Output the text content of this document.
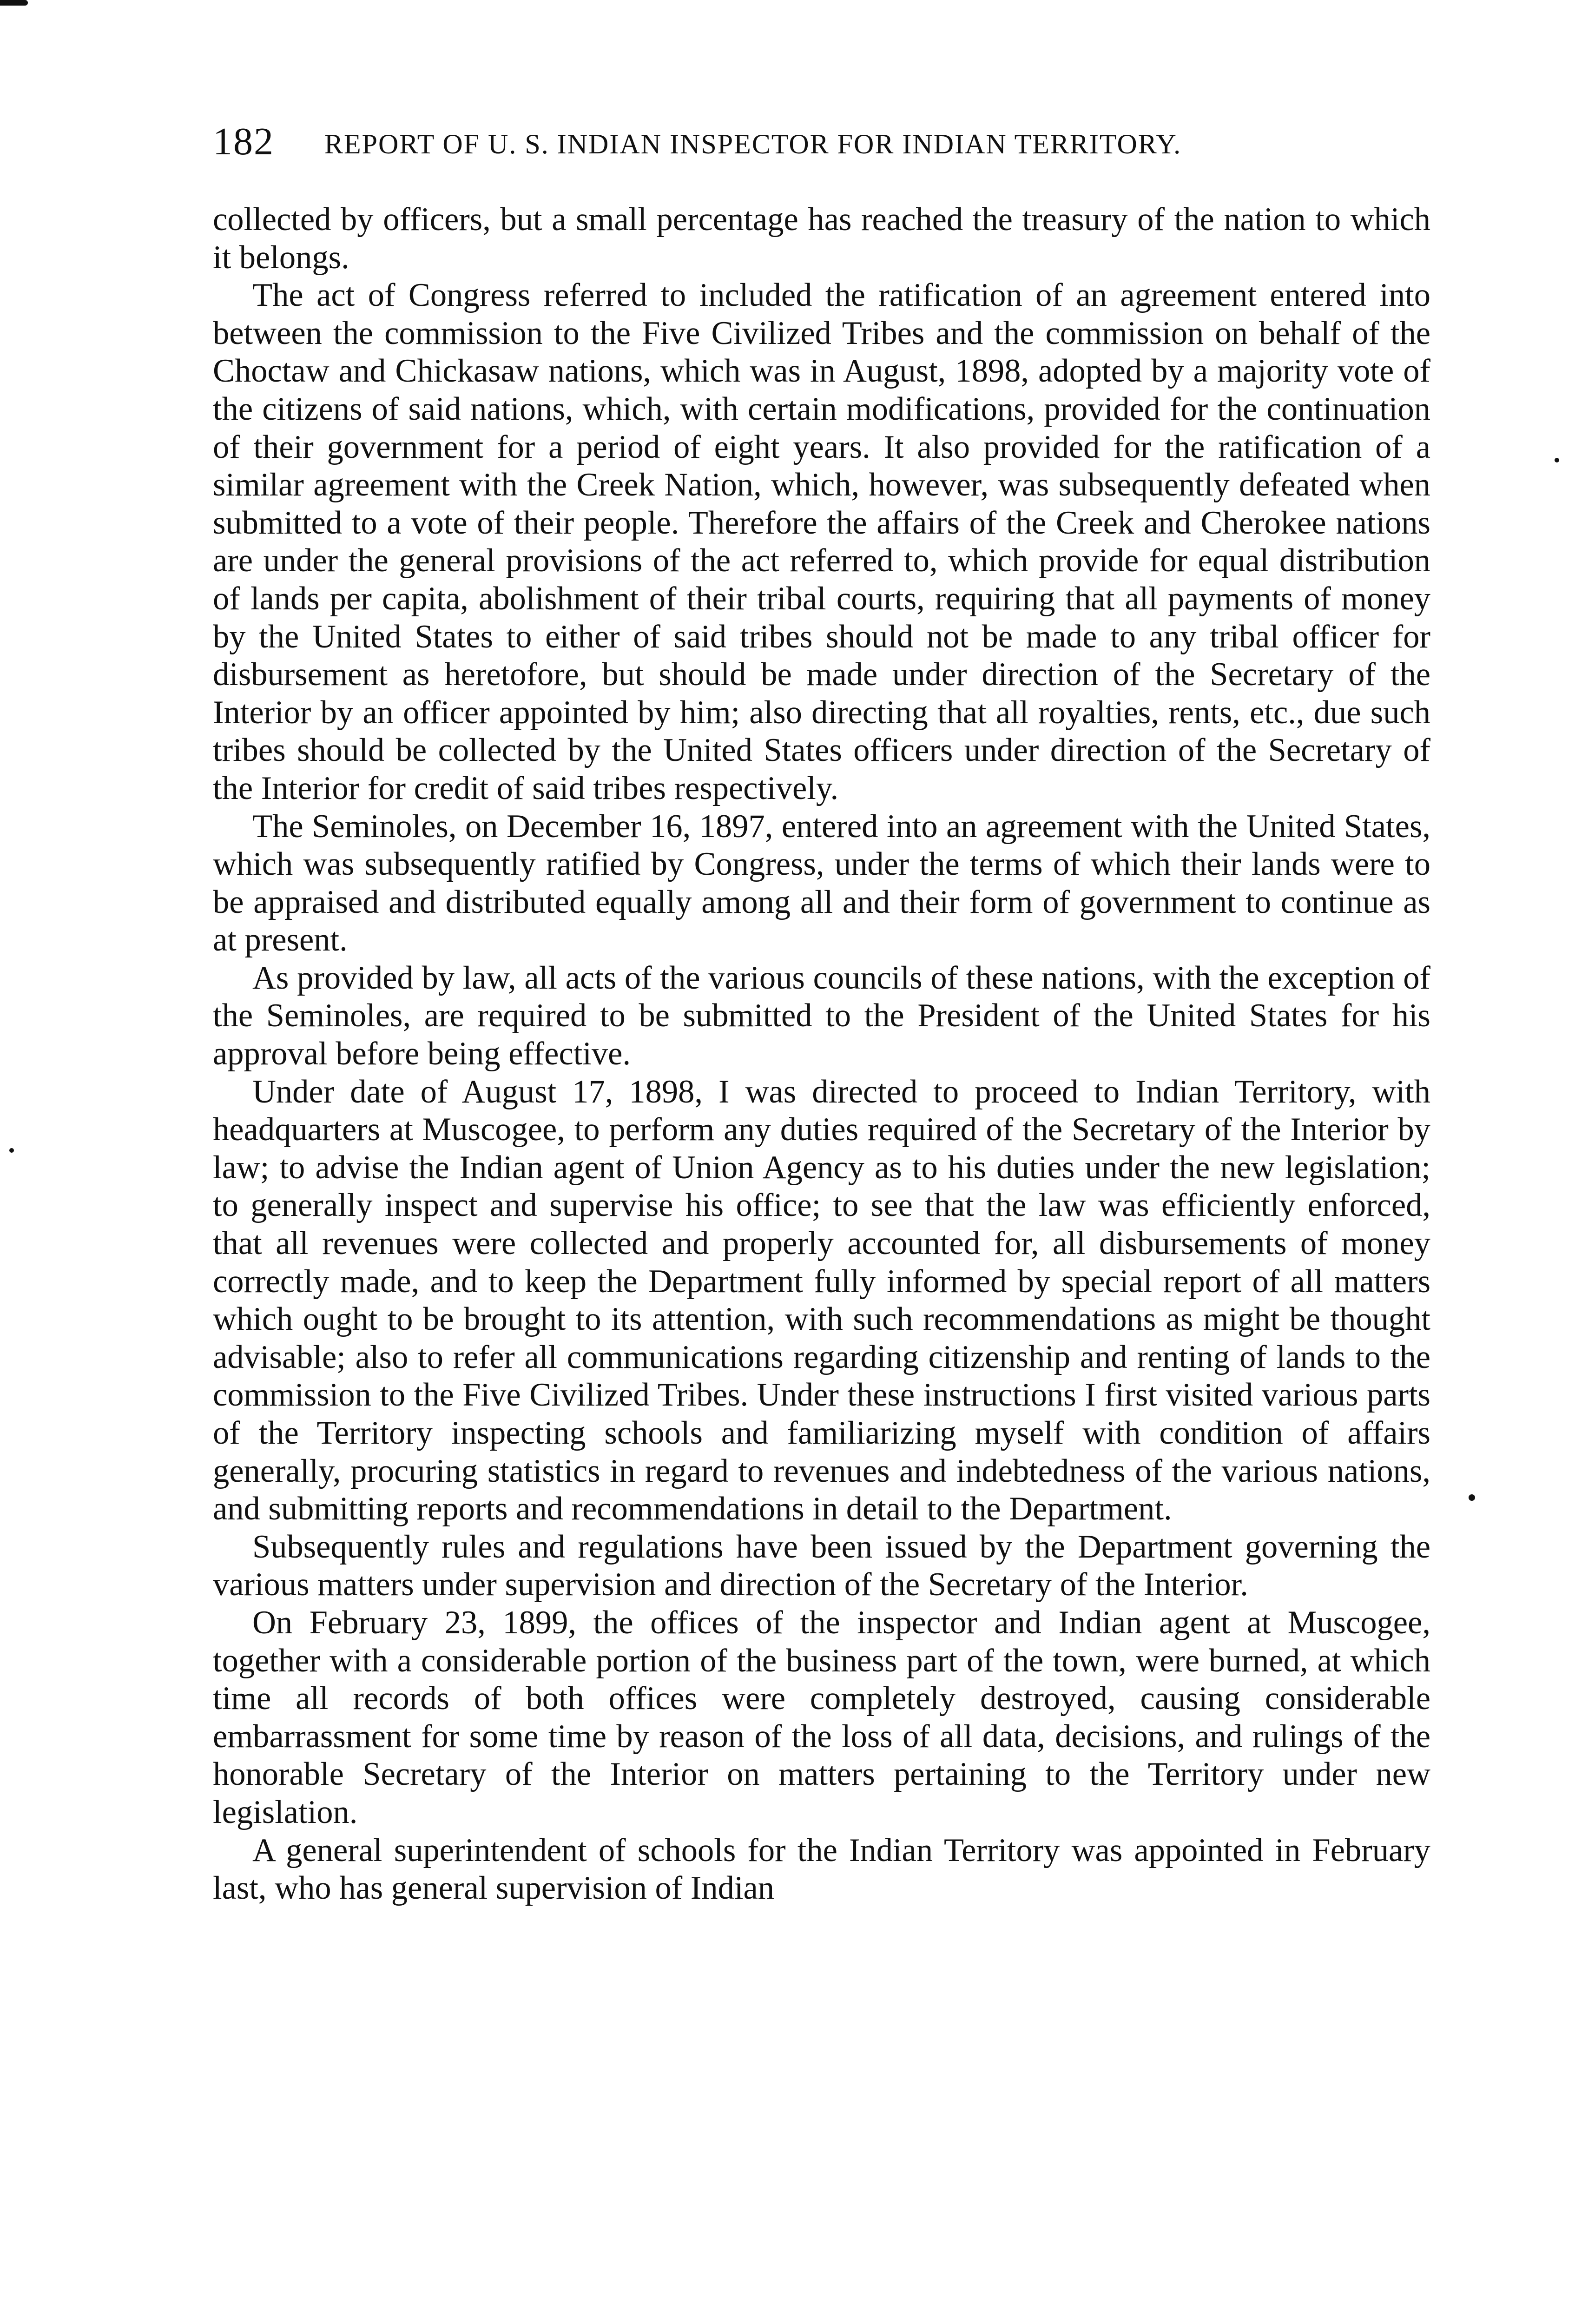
182 REPORT OF U. S. INDIAN INSPECTOR FOR INDIAN TERRITORY.

collected by officers, but a small percentage has reached the treasury of the nation to which it belongs.

The act of Congress referred to included the ratification of an agreement entered into between the commission to the Five Civilized Tribes and the commission on behalf of the Choctaw and Chickasaw nations, which was in August, 1898, adopted by a majority vote of the citizens of said nations, which, with certain modifications, provided for the continuation of their government for a period of eight years. It also provided for the ratification of a similar agreement with the Creek Nation, which, however, was subsequently defeated when submitted to a vote of their people. Therefore the affairs of the Creek and Cherokee nations are under the general provisions of the act referred to, which provide for equal distribution of lands per capita, abolishment of their tribal courts, requiring that all payments of money by the United States to either of said tribes should not be made to any tribal officer for disbursement as heretofore, but should be made under direction of the Secretary of the Interior by an officer appointed by him; also directing that all royalties, rents, etc., due such tribes should be collected by the United States officers under direction of the Secretary of the Interior for credit of said tribes respectively.

The Seminoles, on December 16, 1897, entered into an agreement with the United States, which was subsequently ratified by Congress, under the terms of which their lands were to be appraised and distributed equally among all and their form of government to continue as at present.

As provided by law, all acts of the various councils of these nations, with the exception of the Seminoles, are required to be submitted to the President of the United States for his approval before being effective.

Under date of August 17, 1898, I was directed to proceed to Indian Territory, with headquarters at Muscogee, to perform any duties required of the Secretary of the Interior by law; to advise the Indian agent of Union Agency as to his duties under the new legislation; to generally inspect and supervise his office; to see that the law was efficiently enforced, that all revenues were collected and properly accounted for, all disbursements of money correctly made, and to keep the Department fully informed by special report of all matters which ought to be brought to its attention, with such recommendations as might be thought advisable; also to refer all communications regarding citizenship and renting of lands to the commission to the Five Civilized Tribes. Under these instructions I first visited various parts of the Territory inspecting schools and familiarizing myself with condition of affairs generally, procuring statistics in regard to revenues and indebtedness of the various nations, and submitting reports and recommendations in detail to the Department.

Subsequently rules and regulations have been issued by the Department governing the various matters under supervision and direction of the Secretary of the Interior.

On February 23, 1899, the offices of the inspector and Indian agent at Muscogee, together with a considerable portion of the business part of the town, were burned, at which time all records of both offices were completely destroyed, causing considerable embarrassment for some time by reason of the loss of all data, decisions, and rulings of the honorable Secretary of the Interior on matters pertaining to the Territory under new legislation.

A general superintendent of schools for the Indian Territory was appointed in February last, who has general supervision of Indian
